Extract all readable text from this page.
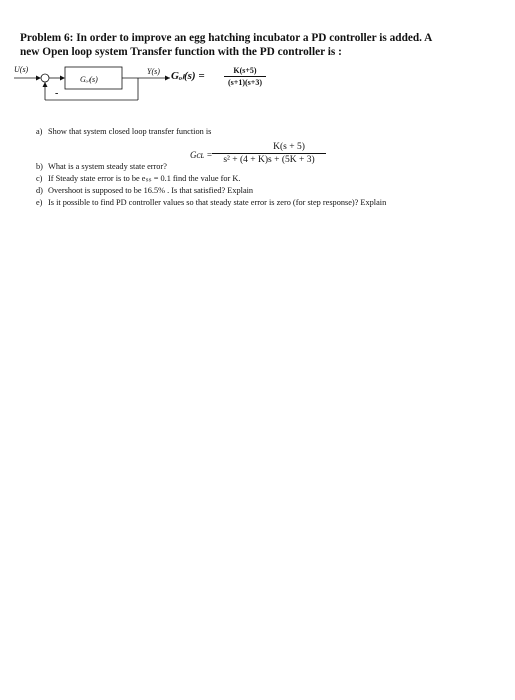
Problem 6: In order to improve an egg hatching incubator a PD controller is added. A
new Open loop system Transfer function with the PD controller is :
U(s)
Gₒₗ(s)
Y(s)
-
Gₒₗ(s) =	K(s+5)
(s+1)(s+3)
a) Show that system closed loop transfer function is
b) What is a system steady state error?
c) If Steady state error is to be eₛₛ = 0.1 find the value for K.
d) Overshoot is supposed to be 16.5% . Is that satisfied? Explain
e) Is it possible to find PD controller values so that steady state error is zero (for step response)? Explain
Gᴄʟ =
K(s + 5)
s² + (4 + K)s + (5K + 3)
